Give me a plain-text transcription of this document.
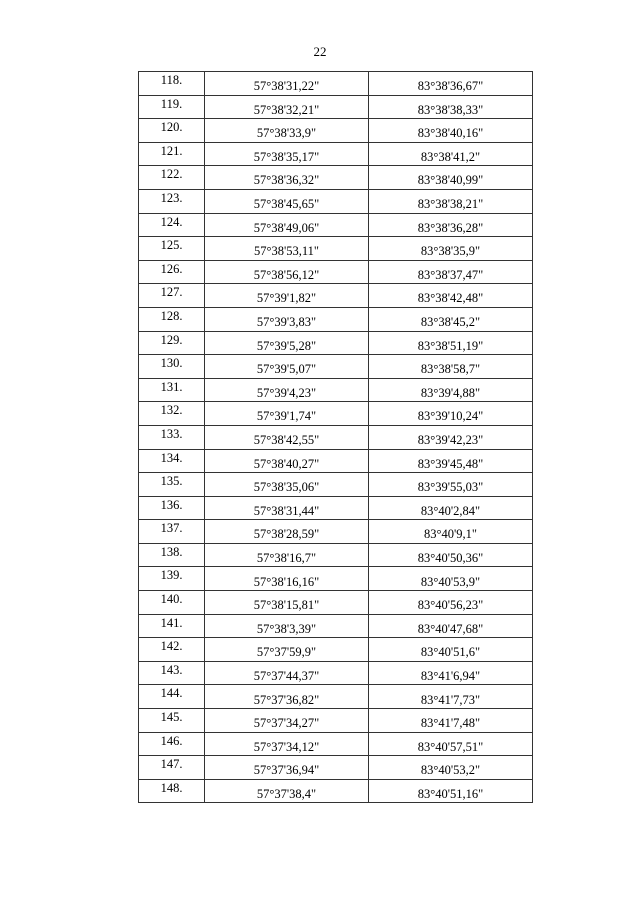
22
118.	57°38'31,22"	83°38'36,67"
119.	57°38'32,21"	83°38'38,33"
120.	57°38'33,9"	83°38'40,16"
121.	57°38'35,17"	83°38'41,2"
122.	57°38'36,32"	83°38'40,99"
123.	57°38'45,65"	83°38'38,21"
124.	57°38'49,06"	83°38'36,28"
125.	57°38'53,11"	83°38'35,9"
126.	57°38'56,12"	83°38'37,47"
127.	57°39'1,82"	83°38'42,48"
128.	57°39'3,83"	83°38'45,2"
129.	57°39'5,28"	83°38'51,19"
130.	57°39'5,07"	83°38'58,7"
131.	57°39'4,23"	83°39'4,88"
132.	57°39'1,74"	83°39'10,24"
133.	57°38'42,55"	83°39'42,23"
134.	57°38'40,27"	83°39'45,48"
135.	57°38'35,06"	83°39'55,03"
136.	57°38'31,44"	83°40'2,84"
137.	57°38'28,59"	83°40'9,1"
138.	57°38'16,7"	83°40'50,36"
139.	57°38'16,16"	83°40'53,9"
140.	57°38'15,81"	83°40'56,23"
141.	57°38'3,39"	83°40'47,68"
142.	57°37'59,9"	83°40'51,6"
143.	57°37'44,37"	83°41'6,94"
144.	57°37'36,82"	83°41'7,73"
145.	57°37'34,27"	83°41'7,48"
146.	57°37'34,12"	83°40'57,51"
147.	57°37'36,94"	83°40'53,2"
148.	57°37'38,4"	83°40'51,16"
